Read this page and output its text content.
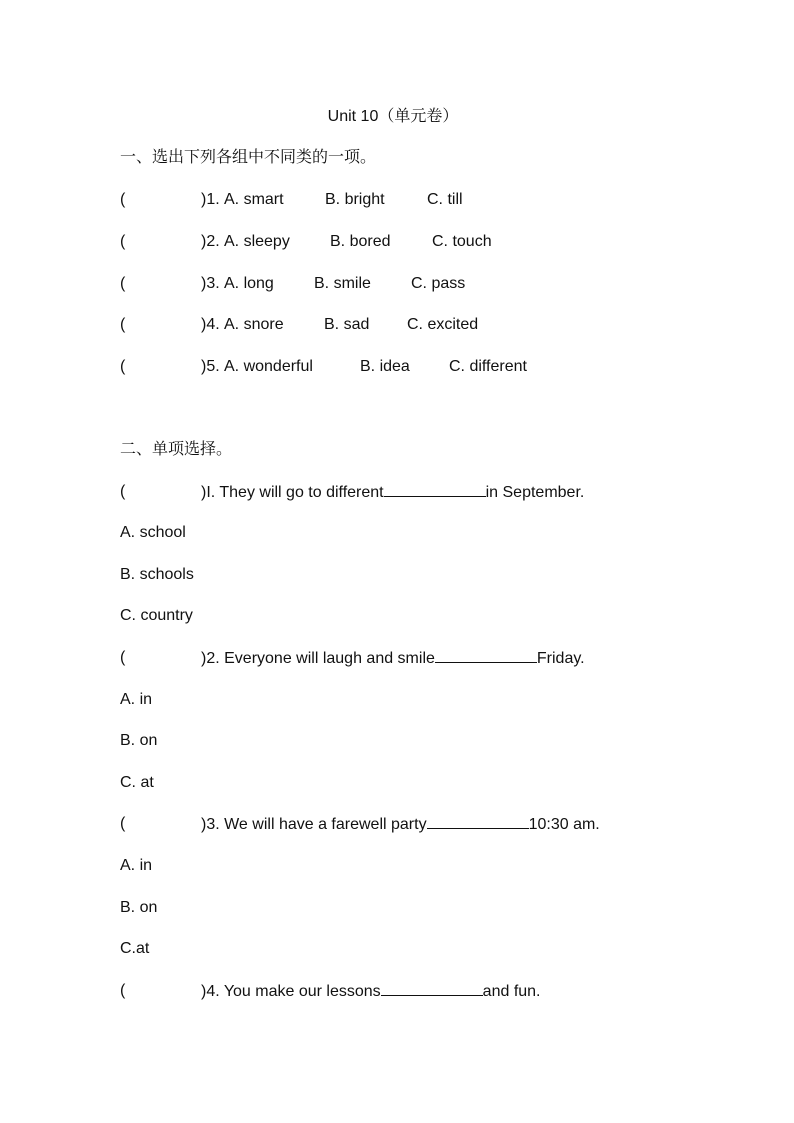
Unit 10（单元卷）
一、选出下列各组中不同类的一项。
(	)1. A. smart	B. bright	C. till
(	)2. A. sleepy	B. bored	C. touch
(	)3. A. long	B. smile	C. pass
(	)4. A. snore	B. sad C. excited
(	)5. A. wonderful	B. idea C. different
二、单项选择。
(	)I. They will go to different	in September.
A. school
B. schools
C. country
(	)2. Everyone will laugh and smile	Friday.
A. in
B. on
C. at
(	)3. We will have a farewell party	10:30 am.
A. in
B. on
C.at
(	)4. You make our lessons	and fun.
